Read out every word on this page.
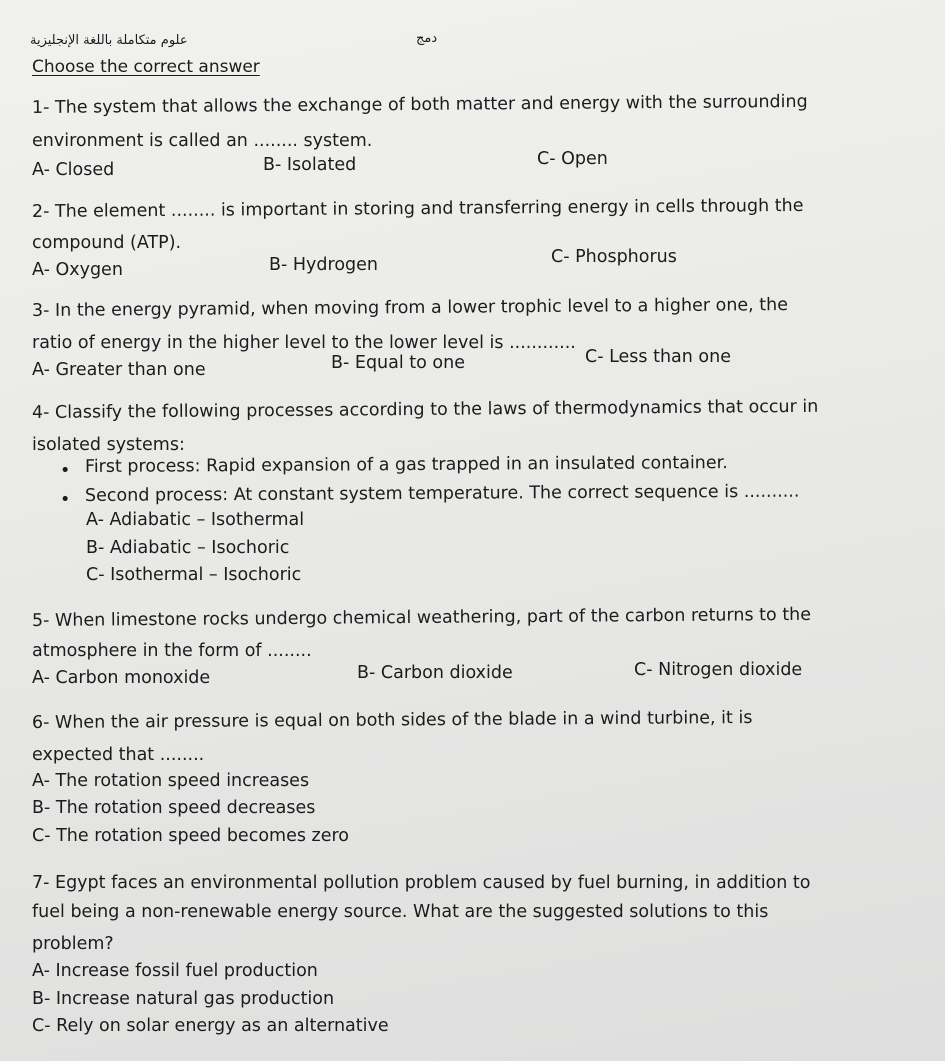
علوم متكاملة باللغة الإنجليزية	دمج
Choose the correct answer
1- The system that allows the exchange of both matter and energy with the surrounding
environment is called an ........ system.
A- Closed	B- Isolated	C- Open
2- The element ........ is important in storing and transferring energy in cells through the
compound (ATP).
A- Oxygen	B- Hydrogen	C- Phosphorus
3- In the energy pyramid, when moving from a lower trophic level to a higher one, the
ratio of energy in the higher level to the lower level is ............
A- Greater than one	B- Equal to one	C- Less than one
4- Classify the following processes according to the laws of thermodynamics that occur in
isolated systems:
• First process: Rapid expansion of a gas trapped in an insulated container.
• Second process: At constant system temperature. The correct sequence is ..........
A- Adiabatic – Isothermal
B- Adiabatic – Isochoric
C- Isothermal – Isochoric
5- When limestone rocks undergo chemical weathering, part of the carbon returns to the
atmosphere in the form of ........
A- Carbon monoxide	B- Carbon dioxide	C- Nitrogen dioxide
6- When the air pressure is equal on both sides of the blade in a wind turbine, it is
expected that ........
A- The rotation speed increases
B- The rotation speed decreases
C- The rotation speed becomes zero
7- Egypt faces an environmental pollution problem caused by fuel burning, in addition to
fuel being a non-renewable energy source. What are the suggested solutions to this
problem?
A- Increase fossil fuel production
B- Increase natural gas production
C- Rely on solar energy as an alternative
